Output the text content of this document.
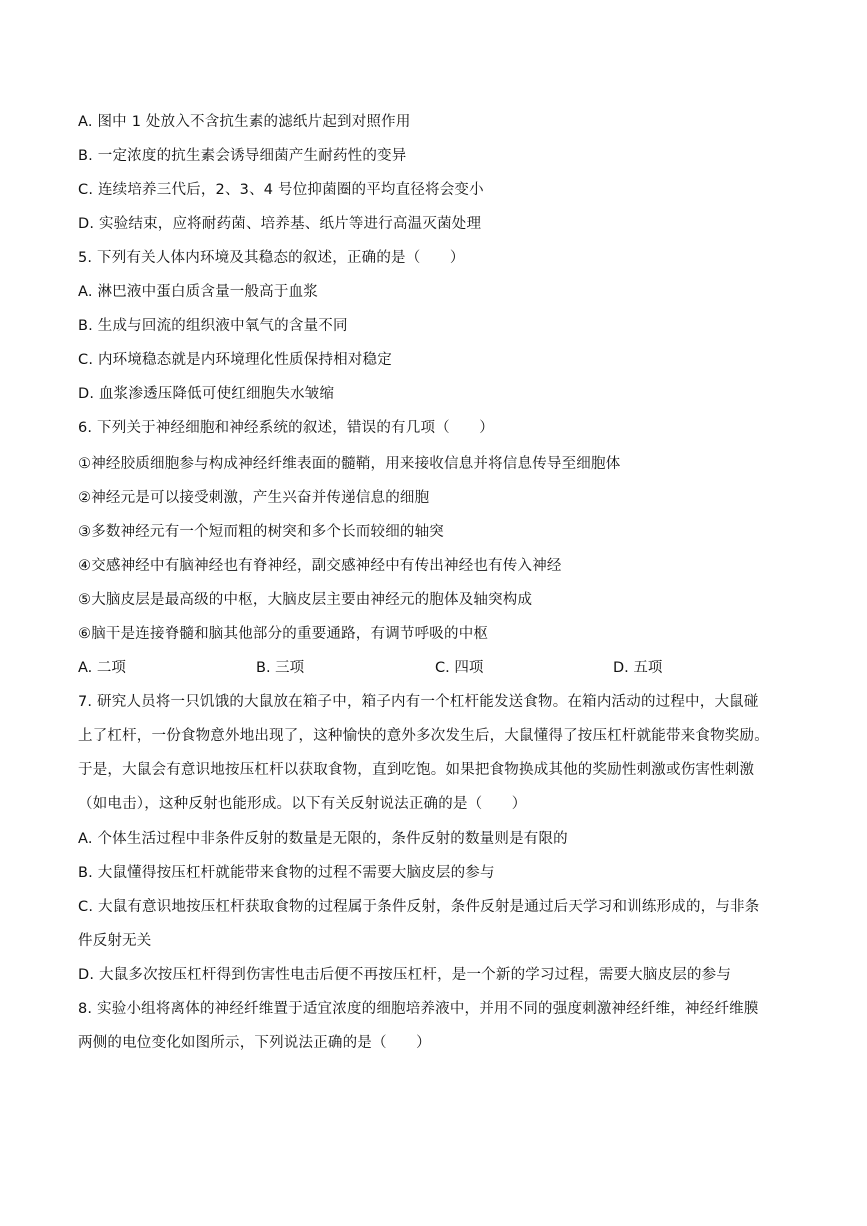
A. 图中 1 处放入不含抗生素的滤纸片起到对照作用
B. 一定浓度的抗生素会诱导细菌产生耐药性的变异
C. 连续培养三代后，2、3、4 号位抑菌圈的平均直径将会变小
D. 实验结束，应将耐药菌、培养基、纸片等进行高温灭菌处理
5. 下列有关人体内环境及其稳态的叙述，正确的是（　　）
A. 淋巴液中蛋白质含量一般高于血浆
B. 生成与回流的组织液中氧气的含量不同
C. 内环境稳态就是内环境理化性质保持相对稳定
D. 血浆渗透压降低可使红细胞失水皱缩
6. 下列关于神经细胞和神经系统的叙述，错误的有几项（　　）
①神经胶质细胞参与构成神经纤维表面的髓鞘，用来接收信息并将信息传导至细胞体
②神经元是可以接受刺激，产生兴奋并传递信息的细胞
③多数神经元有一个短而粗的树突和多个长而较细的轴突
④交感神经中有脑神经也有脊神经，副交感神经中有传出神经也有传入神经
⑤大脑皮层是最高级的中枢，大脑皮层主要由神经元的胞体及轴突构成
⑥脑干是连接脊髓和脑其他部分的重要通路，有调节呼吸的中枢
A. 二项	B. 三项	C. 四项	D. 五项
7. 研究人员将一只饥饿的大鼠放在箱子中，箱子内有一个杠杆能发送食物。在箱内活动的过程中，大鼠碰
上了杠杆，一份食物意外地出现了，这种愉快的意外多次发生后，大鼠懂得了按压杠杆就能带来食物奖励。
于是，大鼠会有意识地按压杠杆以获取食物，直到吃饱。如果把食物换成其他的奖励性刺激或伤害性刺激
（如电击），这种反射也能形成。以下有关反射说法正确的是（　　）
A. 个体生活过程中非条件反射的数量是无限的，条件反射的数量则是有限的
B. 大鼠懂得按压杠杆就能带来食物的过程不需要大脑皮层的参与
C. 大鼠有意识地按压杠杆获取食物的过程属于条件反射，条件反射是通过后天学习和训练形成的，与非条
件反射无关
D. 大鼠多次按压杠杆得到伤害性电击后便不再按压杠杆，是一个新的学习过程，需要大脑皮层的参与
8. 实验小组将离体的神经纤维置于适宜浓度的细胞培养液中，并用不同的强度刺激神经纤维，神经纤维膜
两侧的电位变化如图所示，下列说法正确的是（　　）
